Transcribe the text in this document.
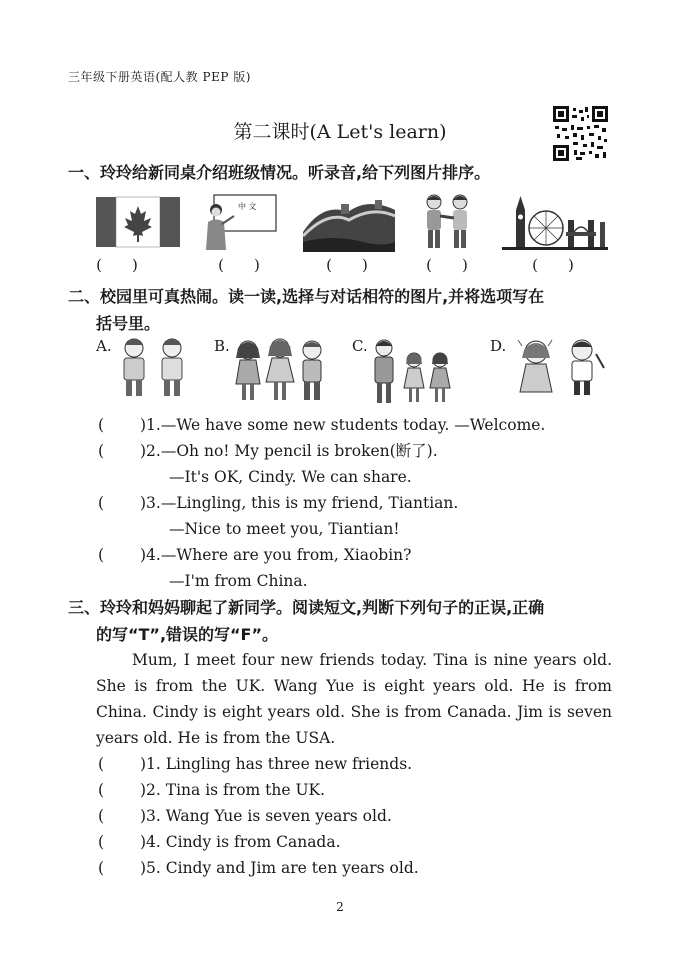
三年级下册英语(配人教 PEP 版)
第二课时(A Let's learn)
一、玲玲给新同桌介绍班级情况。听录音,给下列图片排序。
中 文
(　　)	(　　)	(　　)	(　　)	(　　)
二、校园里可真热闹。读一读,选择与对话相符的图片,并将选项写在
括号里。
A.	B.	C.	D.
( )1.—We have some new students today. —Welcome.
( )2.—Oh no! My pencil is broken(断了).
—It's OK, Cindy. We can share.
( )3.—Lingling, this is my friend, Tiantian.
—Nice to meet you, Tiantian!
( )4.—Where are you from, Xiaobin?
—I'm from China.
三、玲玲和妈妈聊起了新同学。阅读短文,判断下列句子的正误,正确
的写“T”,错误的写“F”。
Mum, I meet four new friends today. Tina is nine years old. She is from the UK. Wang Yue is eight years old. He is from China. Cindy is eight years old. She is from Canada. Jim is seven years old. He is from the USA.
( )1. Lingling has three new friends.
( )2. Tina is from the UK.
( )3. Wang Yue is seven years old.
( )4. Cindy is from Canada.
( )5. Cindy and Jim are ten years old.
2
